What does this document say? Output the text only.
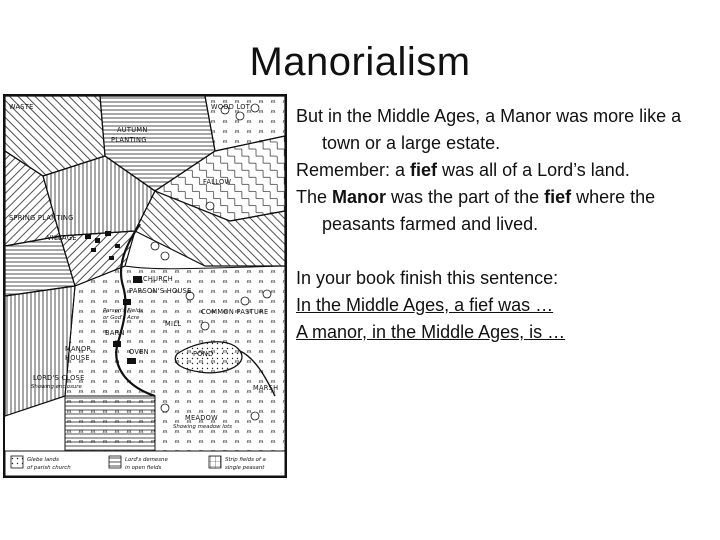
Manorialism
WASTE	WOOD LOT
AUTUMN
PLANTING
FALLOW
SPRING PLANTING
VILLAGE
CHURCH
PARSON'S HOUSE
COMMON PASTURE
Parson's Fields
or God's Acre
MILL
BARN
MANOR
HOUSE
OVEN	POND
LORD'S CLOSE
Showing enclosure	MARSH
MEADOW
Showing meadow lots
Glebe lands
of parish church
Lord's demesne
in open fields
Strip fields of a
single peasant

But in the Middle Ages, a Manor was more like a town or a large estate.

Remember: a fief was all of a Lord’s land.

The Manor was the part of the fief where the peasants farmed and lived.

In your book finish this sentence:

In the Middle Ages, a fief was …

A manor, in the Middle Ages, is …
